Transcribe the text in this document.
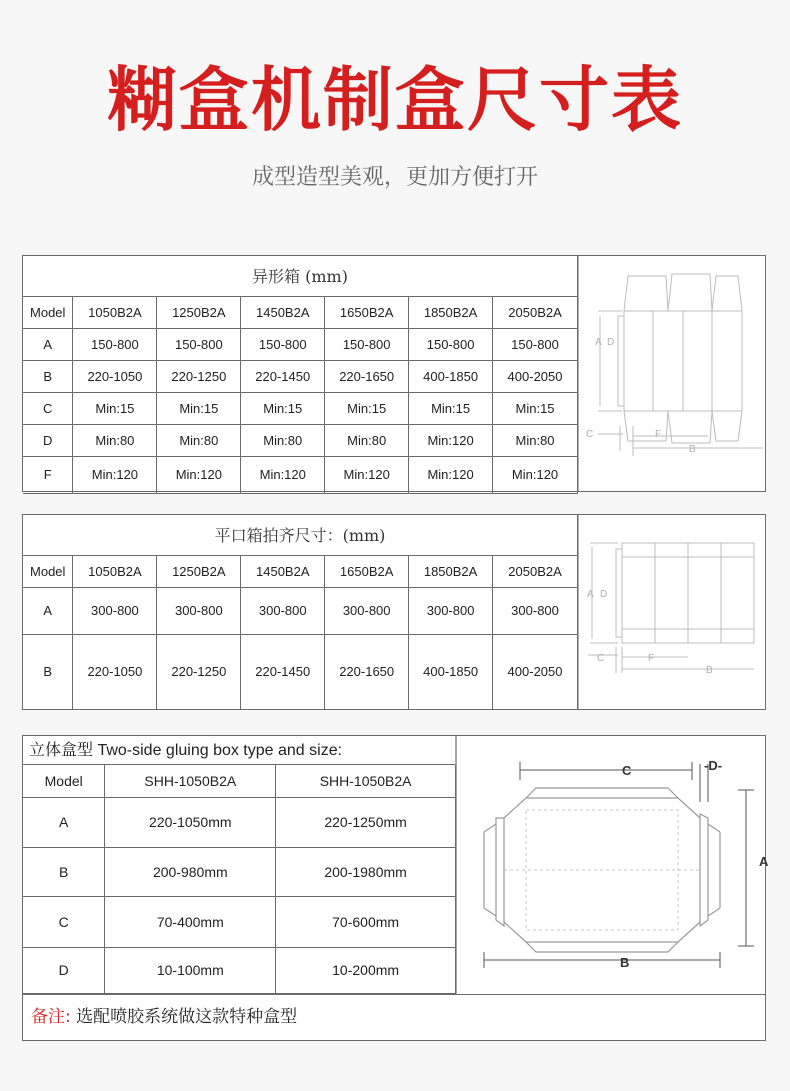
糊盒机制盒尺寸表
成型造型美观，更加方便打开
异形箱 (mm)						
Model	1050B2A	1250B2A	1450B2A	1650B2A	1850B2A	2050B2A
A	150-800	150-800	150-800	150-800	150-800	150-800
B	220-1050	220-1250	220-1450	220-1650	400-1850	400-2050
C	Min:15	Min:15	Min:15	Min:15	Min:15	Min:15
D	Min:80	Min:80	Min:80	Min:80	Min:120	Min:80
F	Min:120	Min:120	Min:120	Min:120	Min:120	Min:120
A D
C	F
B
平口箱拍齐尺寸：(mm)						
Model	1050B2A	1250B2A	1450B2A	1650B2A	1850B2A	2050B2A
A	300-800	300-800	300-800	300-800	300-800	300-800
B	220-1050	220-1250	220-1450	220-1650	400-1850	400-2050
A D
C	F
B
立体盒型 Two-side gluing box type and size:
Model	SHH-1050B2A	SHH-1050B2A
A	220-1050mm	220-1250mm
B	200-980mm	200-1980mm
C	70-400mm	70-600mm
D	10-100mm	10-200mm
C	-D-
A
B
备注: 选配喷胶系统做这款特种盒型
